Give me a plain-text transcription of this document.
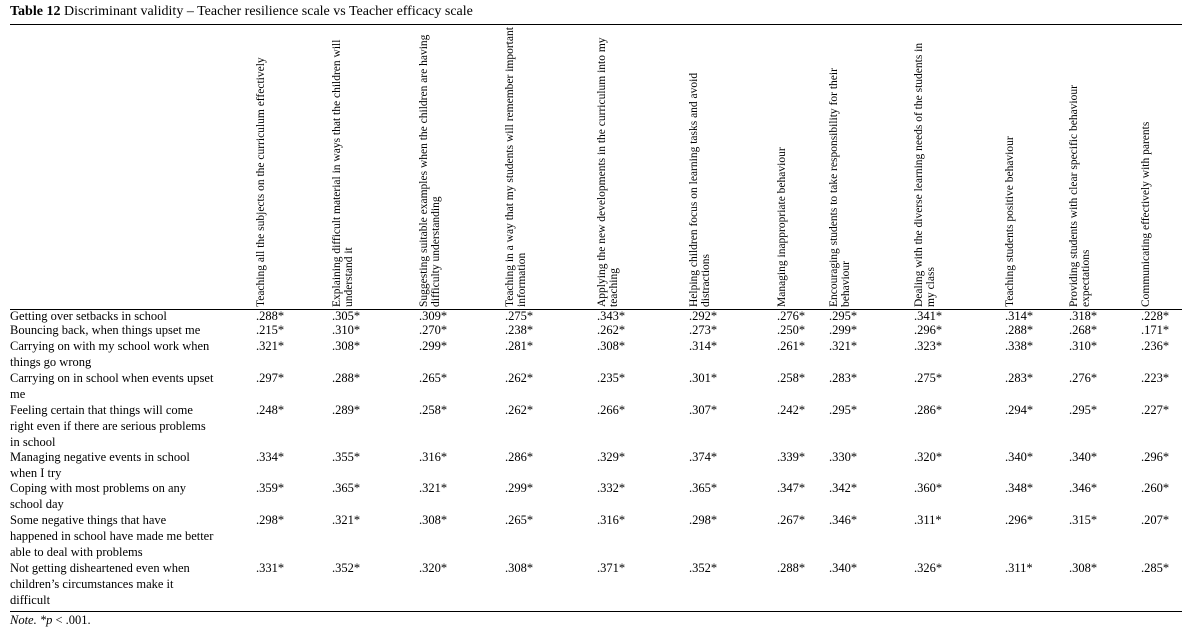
Table 12 Discriminant validity – Teacher resilience scale vs Teacher efficacy scale
Teaching all the subjects on the curriculum effectively	Explaining difficult material in ways that the children will understand it	Suggesting suitable examples when the children are having difficulty understanding	Teaching in a way that my students will remember important information	Applying the new developments in the curriculum into my teaching	Helping children focus on learning tasks and avoid distractions	Managing inappropriate behaviour	Encouraging students to take responsibility for their behaviour	Dealing with the diverse learning needs of the students in my class	Teaching students positive behaviour	Providing students with clear specific behaviour expectations	Communicating effectively with parents
Getting over setbacks in school	.288*	.305*	.309*	.275*	.343*	.292*	.276* .295*	.341*	.314*	.318*	.228*
Bouncing back, when things upset me	.215*	.310*	.270*	.238*	.262*	.273*	.250* .299*	.296*	.288*	.268*	.171*
Carrying on with my school work when things go wrong
.321*	.308*	.299*	.281*	.308*	.314*	.261* .321*	.323*	.338*	.310*	.236*
Carrying on in school when events upset me
.297*	.288*	.265*	.262*	.235*	.301*	.258* .283*	.275*	.283*	.276*	.223*
Feeling certain that things will come right even if there are serious problems in school
.248*	.289*	.258*	.262*	.266*	.307*	.242* .295*	.286*	.294*	.295*	.227*
Managing negative events in school when I try
.334*	.355*	.316*	.286*	.329*	.374*	.339* .330*	.320*	.340*	.340*	.296*
Coping with most problems on any school day
.359*	.365*	.321*	.299*	.332*	.365*	.347* .342*	.360*	.348*	.346*	.260*
Some negative things that have happened in school have made me better able to deal with problems
.298*	.321*	.308*	.265*	.316*	.298*	.267* .346*	.311*	.296*	.315*	.207*
Not getting disheartened even when children’s circumstances make it difficult
.331*	.352*	.320*	.308*	.371*	.352*	.288* .340*	.326*	.311*	.308*	.285*
Note. *p < .001.
